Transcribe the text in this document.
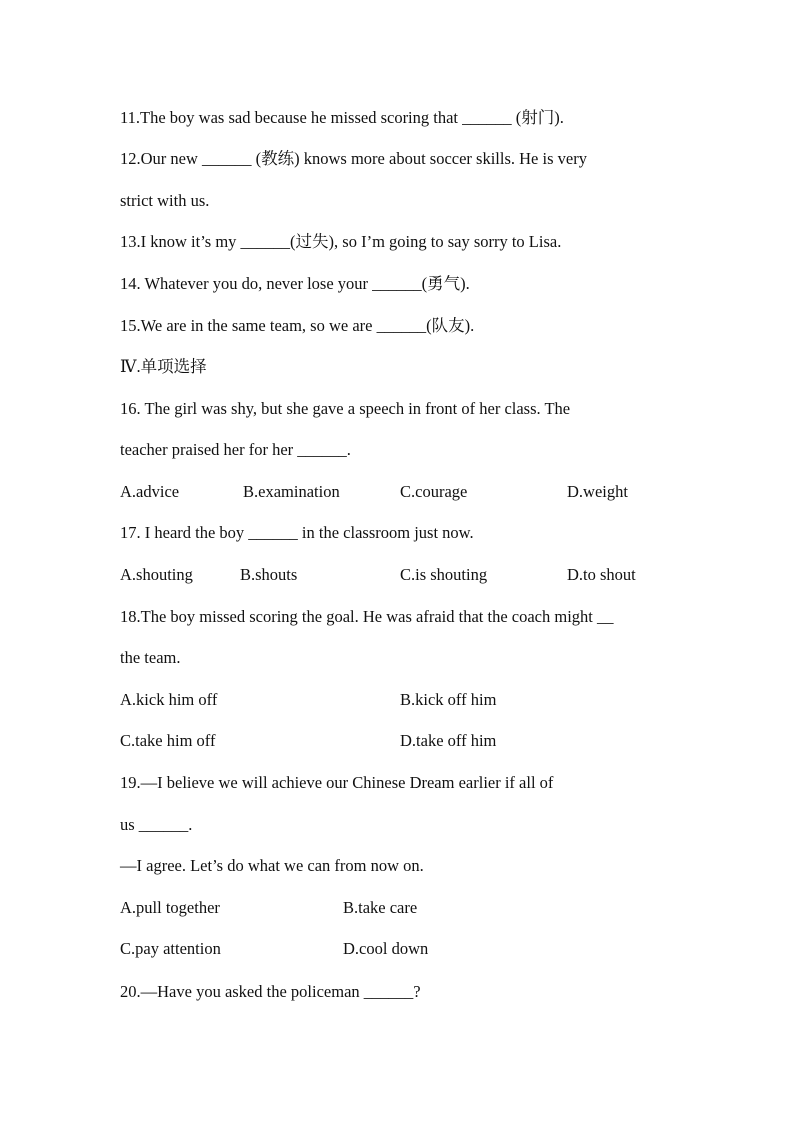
11.The boy was sad because he missed scoring that ______ (射门).
12.Our new ______ (教练) knows more about soccer skills. He is very
strict with us.
13.I know it’s my ______(过失), so I’m going to say sorry to Lisa.
14. Whatever you do, never lose your ______(勇气).
15.We are in the same team, so we are ______(队友).
Ⅳ.单项选择
16. The girl was shy, but she gave a speech in front of her class. The
teacher praised her for her ______.
A.advice	B.examination	C.courage	D.weight
17. I heard the boy ______ in the classroom just now.
A.shouting	B.shouts	C.is shouting	D.to shout
18.The boy missed scoring the goal. He was afraid that the coach might __
the team.
A.kick him off	B.kick off him
C.take him off	D.take off him
19.—I believe we will achieve our Chinese Dream earlier if all of
us ______.
—I agree. Let’s do what we can from now on.
A.pull together	B.take care
C.pay attention	D.cool down
20.—Have you asked the policeman ______?
